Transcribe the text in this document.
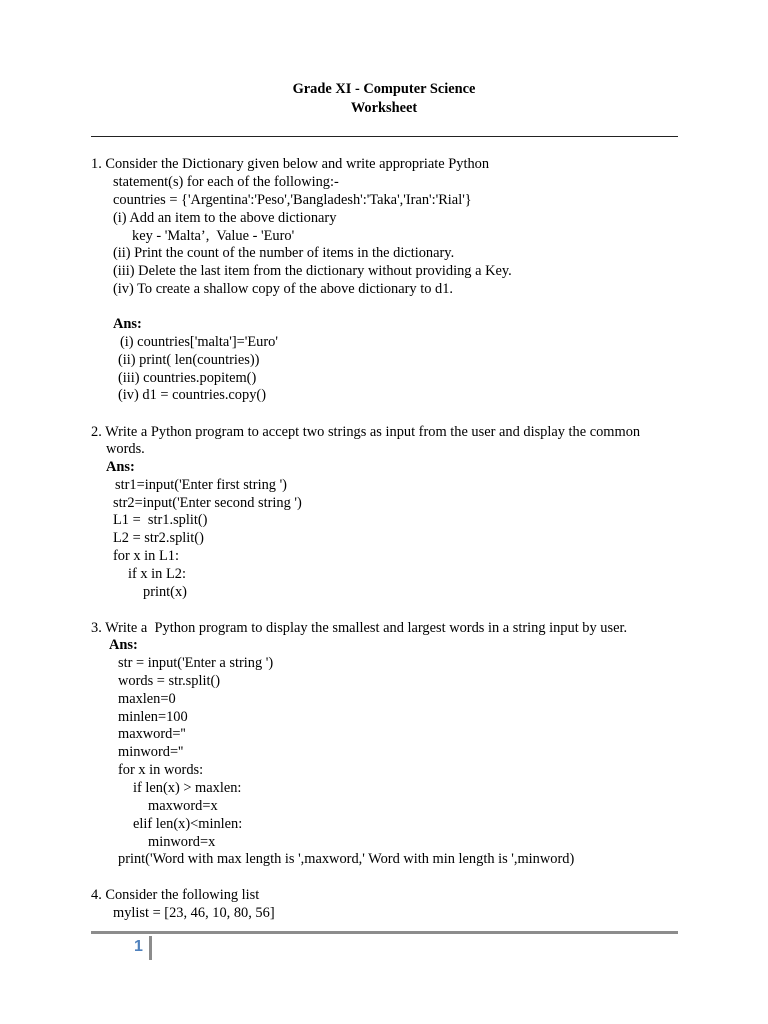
Grade XI - Computer Science
Worksheet
1. Consider the Dictionary given below and write appropriate Python
statement(s) for each of the following:-
countries = {'Argentina':'Peso','Bangladesh':'Taka','Iran':'Rial'}
(i) Add an item to the above dictionary
key - 'Malta’,  Value - 'Euro'
(ii) Print the count of the number of items in the dictionary.
(iii) Delete the last item from the dictionary without providing a Key.
(iv) To create a shallow copy of the above dictionary to d1.
Ans:
(i) countries['malta']='Euro'
(ii) print( len(countries))
(iii) countries.popitem()
(iv) d1 = countries.copy()
2. Write a Python program to accept two strings as input from the user and display the common
words.
Ans:
str1=input('Enter first string ')
str2=input('Enter second string ')
L1 =  str1.split()
L2 = str2.split()
for x in L1:
if x in L2:
print(x)
3. Write a  Python program to display the smallest and largest words in a string input by user.
Ans:
str = input('Enter a string ')
words = str.split()
maxlen=0
minlen=100
maxword=''
minword=''
for x in words:
if len(x) > maxlen:
maxword=x
elif len(x)<minlen:
minword=x
print('Word with max length is ',maxword,' Word with min length is ',minword)
4. Consider the following list
mylist = [23, 46, 10, 80, 56]
1
